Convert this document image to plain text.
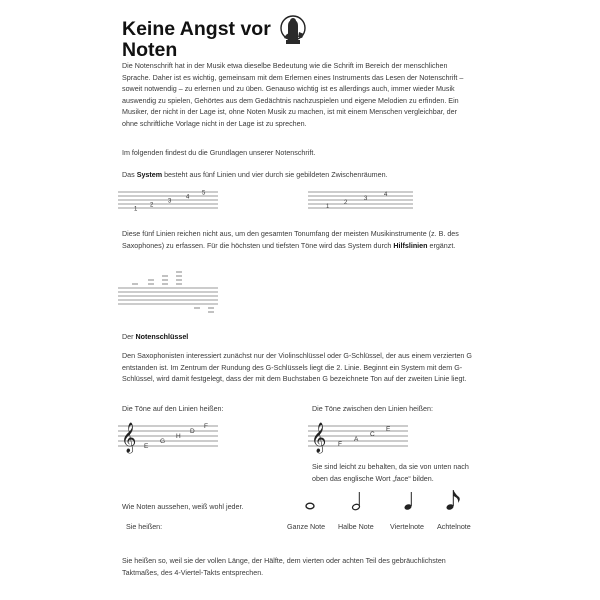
Keine Angst vor
Noten
Die Notenschrift hat in der Musik etwa dieselbe Bedeutung wie die Schrift im Bereich der menschlichen Sprache. Daher ist es wichtig, gemeinsam mit dem Erlernen eines Instruments das Lesen der Notenschrift – soweit notwendig – zu erlernen und zu üben. Genauso wichtig ist es allerdings auch, immer wieder Musik auswendig zu spielen, Gehörtes aus dem Gedächtnis nachzuspielen und eigene Melodien zu erfinden. Ein Musiker, der nicht in der Lage ist, ohne Noten Musik zu machen, ist mit einem Menschen vergleichbar, der ohne schriftliche Vorlage nicht in der Lage ist zu sprechen.
Im folgenden findest du die Grundlagen unserer Notenschrift.
Das System besteht aus fünf Linien und vier durch sie gebildeten Zwischenräumen.
1
2
3
4
5
1
2
3
4
Diese fünf Linien reichen nicht aus, um den gesamten Tonumfang der meisten Musikinstrumente (z. B. des Saxophones) zu erfassen. Für die höchsten und tiefsten Töne wird das System durch Hilfslinien ergänzt.
Der Notenschlüssel
Den Saxophonisten interessiert zunächst nur der Violinschlüssel oder G-Schlüssel, der aus einem verzierten G entstanden ist. Im Zentrum der Rundung des G-Schlüssels liegt die 2. Linie. Beginnt ein System mit dem G-Schlüssel, wird damit festgelegt, dass der mit dem Buchstaben G bezeichnete Ton auf der zweiten Linie liegt.
Die Töne auf den Linien heißen:	Die Töne zwischen den Linien heißen:
𝄞 E
G
H
D
F	𝄞 F
A
C
E
Sie sind leicht zu behalten, da sie von unten nach oben das englische Wort „face“ bilden.
Wie Noten aussehen, weiß wohl jeder.
Sie heißen:	Ganze Note Halbe Note Viertelnote Achtelnote
Sie heißen so, weil sie der vollen Länge, der Hälfte, dem vierten oder achten Teil des gebräuchlichsten Taktmaßes, des 4-Viertel-Takts entsprechen.
